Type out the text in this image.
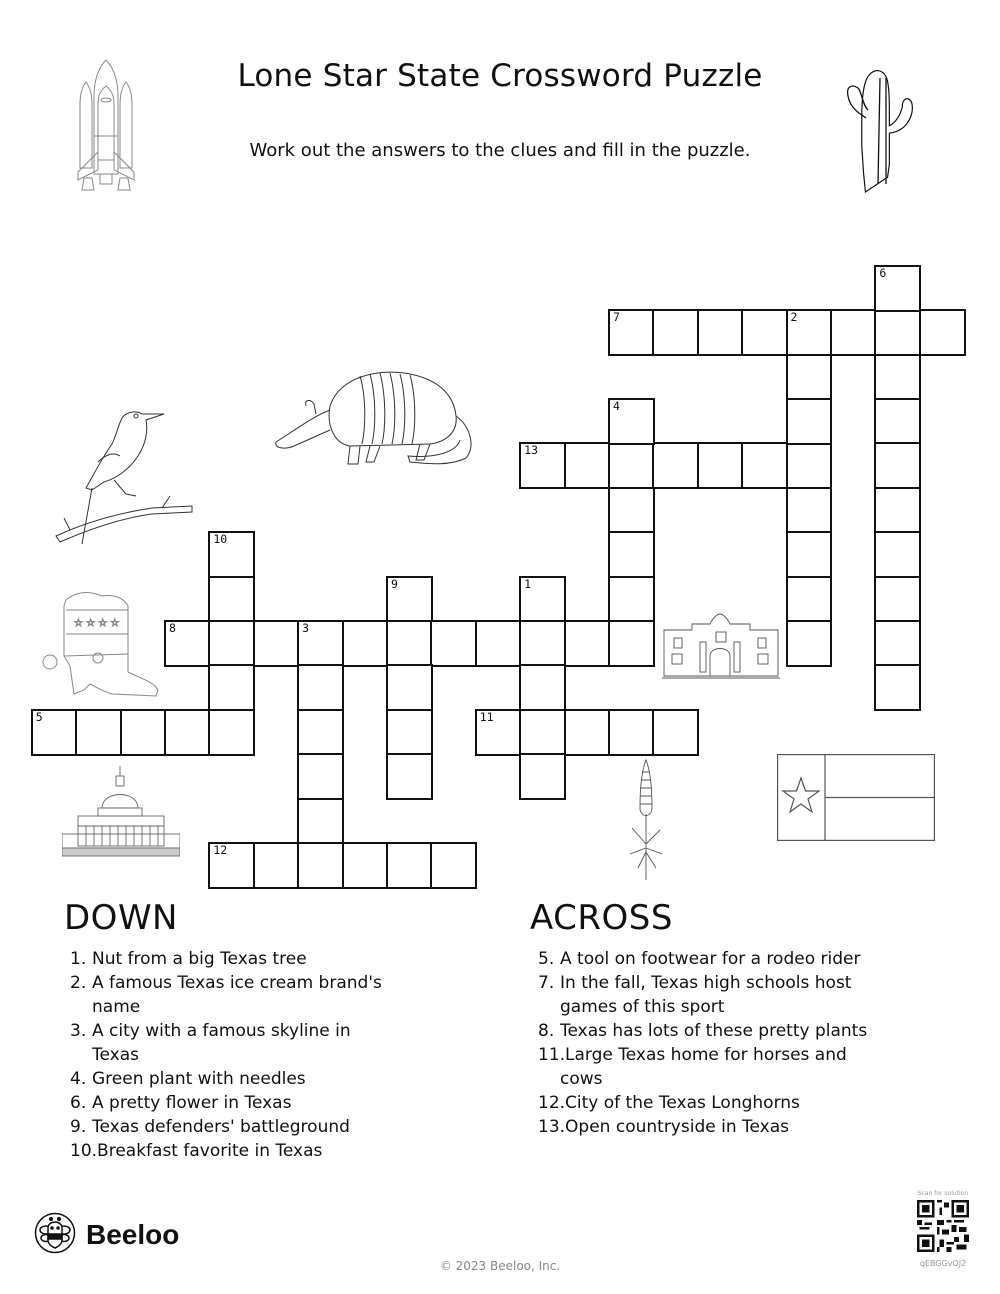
Lone Star State Crossword Puzzle
Work out the answers to the clues and fill in the puzzle.
☆ ☆ ☆ ☆
7	2
13
8	3
5	11
12
6
4
10
9	1
DOWN
1.Nut from a big Texas tree
2.A famous Texas ice cream brand's name
3.A city with a famous skyline in Texas
4.Green plant with needles
6.A pretty flower in Texas
9.Texas defenders' battleground
10.Breakfast favorite in Texas
ACROSS
5.A tool on footwear for a rodeo rider
7.In the fall, Texas high schools host games of this sport
8.Texas has lots of these pretty plants
11.Large Texas home for horses and cows
12.City of the Texas Longhorns
13.Open countryside in Texas
Beeloo
© 2023 Beeloo, Inc.
Scan for solution
qEBGGvOJ2
